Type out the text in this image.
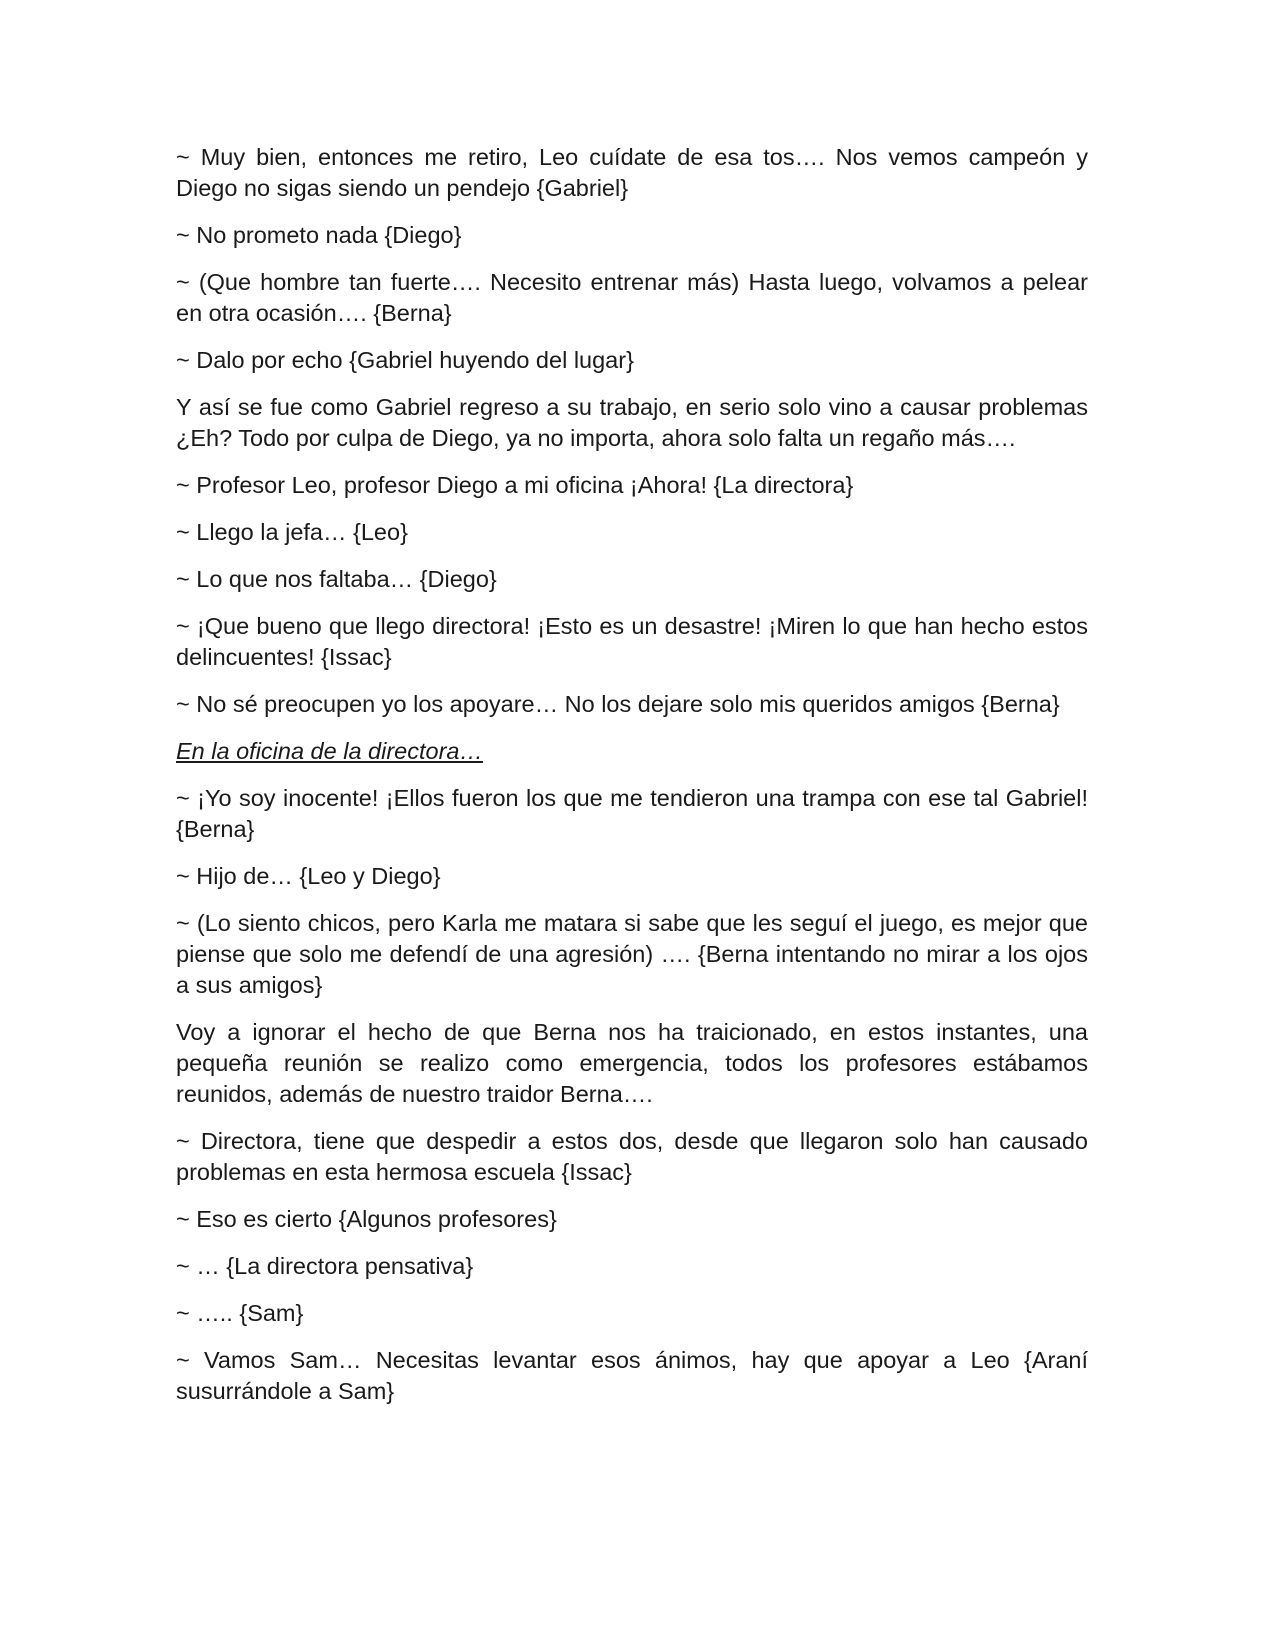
~ Muy bien, entonces me retiro, Leo cuídate de esa tos…. Nos vemos campeón y Diego no sigas siendo un pendejo {Gabriel}

~ No prometo nada {Diego}

~ (Que hombre tan fuerte…. Necesito entrenar más) Hasta luego, volvamos a pelear en otra ocasión…. {Berna}

~ Dalo por echo {Gabriel huyendo del lugar}

Y así se fue como Gabriel regreso a su trabajo, en serio solo vino a causar problemas ¿Eh? Todo por culpa de Diego, ya no importa, ahora solo falta un regaño más….

~ Profesor Leo, profesor Diego a mi oficina ¡Ahora! {La directora}

~ Llego la jefa… {Leo}

~ Lo que nos faltaba… {Diego}

~ ¡Que bueno que llego directora! ¡Esto es un desastre! ¡Miren lo que han hecho estos delincuentes! {Issac}

~ No sé preocupen yo los apoyare… No los dejare solo mis queridos amigos {Berna}

En la oficina de la directora…

~ ¡Yo soy inocente! ¡Ellos fueron los que me tendieron una trampa con ese tal Gabriel! {Berna}

~ Hijo de… {Leo y Diego}

~ (Lo siento chicos, pero Karla me matara si sabe que les seguí el juego, es mejor que piense que solo me defendí de una agresión) …. {Berna intentando no mirar a los ojos a sus amigos}

Voy a ignorar el hecho de que Berna nos ha traicionado, en estos instantes, una pequeña reunión se realizo como emergencia, todos los profesores estábamos reunidos, además de nuestro traidor Berna….

~ Directora, tiene que despedir a estos dos, desde que llegaron solo han causado problemas en esta hermosa escuela {Issac}

~ Eso es cierto {Algunos profesores}

~ … {La directora pensativa}

~ ….. {Sam}

~ Vamos Sam… Necesitas levantar esos ánimos, hay que apoyar a Leo {Araní susurrándole a Sam}
